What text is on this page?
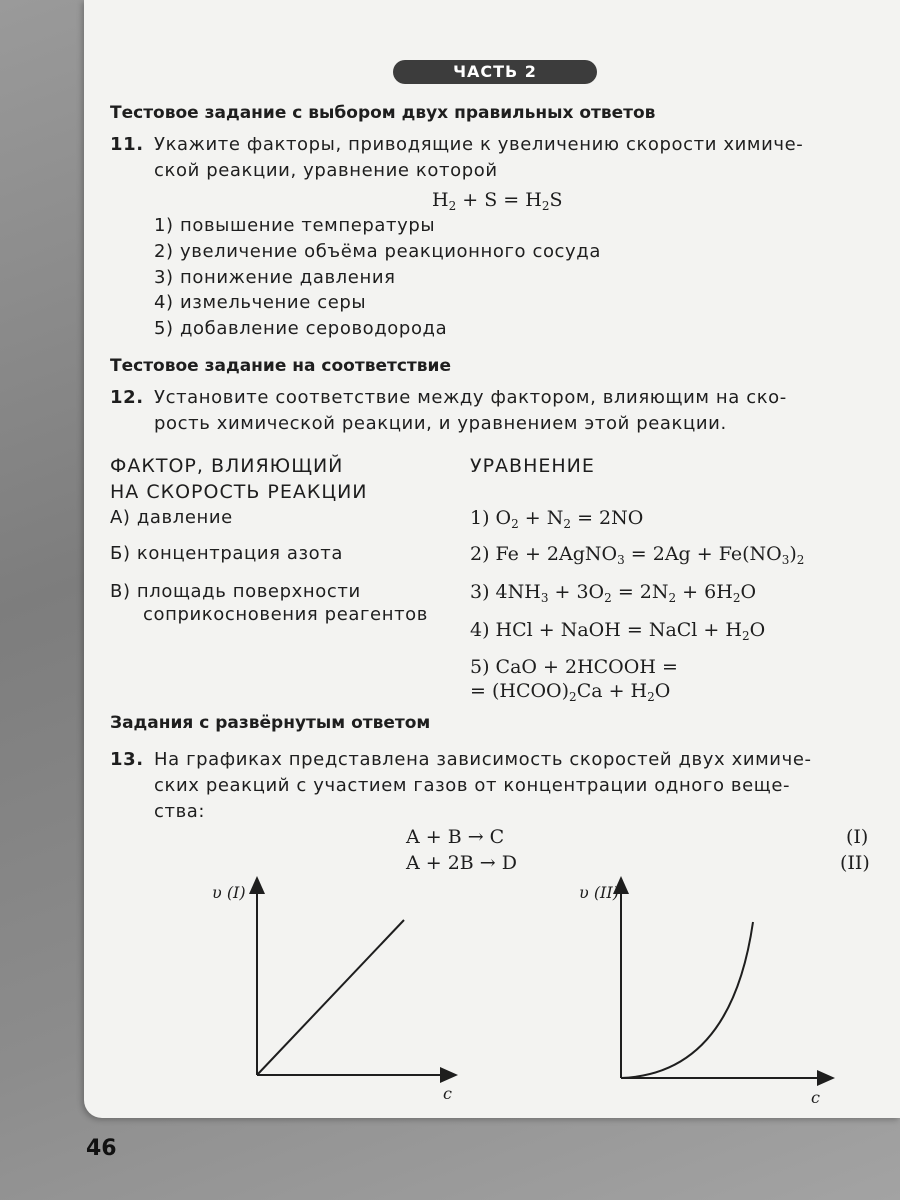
ЧАСТЬ 2
Тестовое задание с выбором двух правильных ответов
11. Укажите факторы, приводящие к увеличению скорости химиче-
ской реакции, уравнение которой
$H_2 + S = H_2S$
1) повышение температуры
2) увеличение объёма реакционного сосуда
3) понижение давления
4) измельчение серы
5) добавление сероводорода
Тестовое задание на соответствие
12. Установите соответствие между фактором, влияющим на ско-
рость химической реакции, и уравнением этой реакции.
ФАКТОР, ВЛИЯЮЩИЙ
НА СКОРОСТЬ РЕАКЦИИ
УРАВНЕНИЕ
А) давление
Б) концентрация азота
В) площадь поверхности
соприкосновения реагентов
1) $O_2 + N_2 = 2NO$
2) Fe + 2AgNO$_3$ = $2Ag + Fe(NO_3)_2$
3) $4NH_3 + 3O_2 = 2N_2 + 6H_2O$
4) HCl + NaOH = NaCl + $H_2O$
5) CaO + 2HCOOH =
= $(HCOO)_2Ca + H_2O$
Задания с развёрнутым ответом
13. На графиках представлена зависимость скоростей двух химиче-
ских реакций с участием газов от концентрации одного веще-
ства:
A + B → C	(I)
A + 2B → D	(II)
υ (I)
c
υ (II)
c
46
